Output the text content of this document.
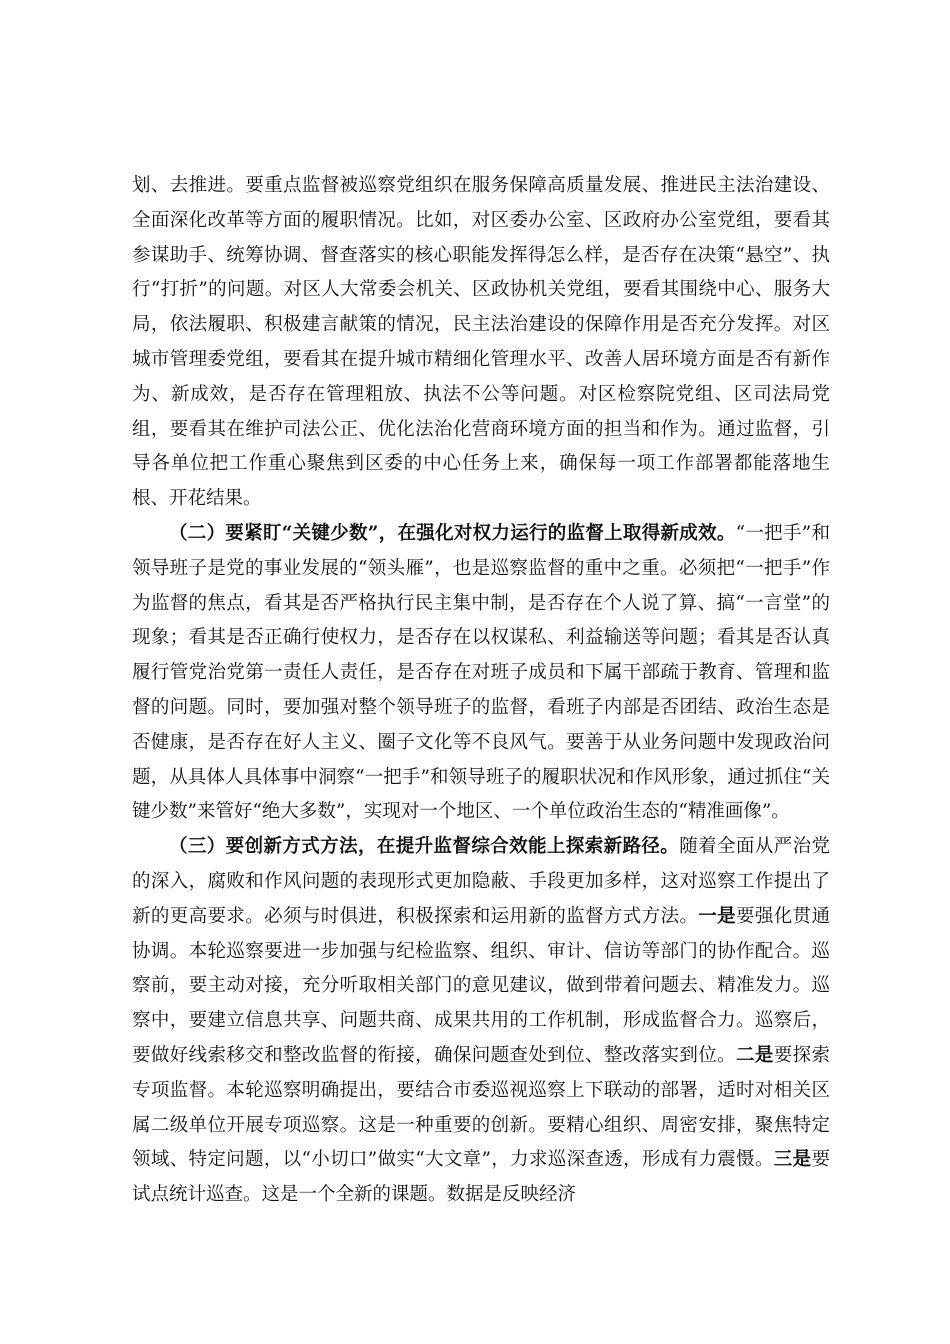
划、去推进。要重点监督被巡察党组织在服务保障高质量发展、推进民主法治建设、全面深化改革等方面的履职情况。比如，对区委办公室、区政府办公室党组，要看其参谋助手、统筹协调、督查落实的核心职能发挥得怎么样，是否存在决策“悬空”、执行“打折”的问题。对区人大常委会机关、区政协机关党组，要看其围绕中心、服务大局，依法履职、积极建言献策的情况，民主法治建设的保障作用是否充分发挥。对区城市管理委党组，要看其在提升城市精细化管理水平、改善人居环境方面是否有新作为、新成效，是否存在管理粗放、执法不公等问题。对区检察院党组、区司法局党组，要看其在维护司法公正、优化法治化营商环境方面的担当和作为。通过监督，引导各单位把工作重心聚焦到区委的中心任务上来，确保每一项工作部署都能落地生根、开花结果。

（二）要紧盯“关键少数”，在强化对权力运行的监督上取得新成效。“一把手”和领导班子是党的事业发展的“领头雁”，也是巡察监督的重中之重。必须把“一把手”作为监督的焦点，看其是否严格执行民主集中制，是否存在个人说了算、搞“一言堂”的现象；看其是否正确行使权力，是否存在以权谋私、利益输送等问题；看其是否认真履行管党治党第一责任人责任，是否存在对班子成员和下属干部疏于教育、管理和监督的问题。同时，要加强对整个领导班子的监督，看班子内部是否团结、政治生态是否健康，是否存在好人主义、圈子文化等不良风气。要善于从业务问题中发现政治问题，从具体人具体事中洞察“一把手”和领导班子的履职状况和作风形象，通过抓住“关键少数”来管好“绝大多数”，实现对一个地区、一个单位政治生态的“精准画像”。

（三）要创新方式方法，在提升监督综合效能上探索新路径。随着全面从严治党的深入，腐败和作风问题的表现形式更加隐蔽、手段更加多样，这对巡察工作提出了新的更高要求。必须与时俱进，积极探索和运用新的监督方式方法。一是要强化贯通协调。本轮巡察要进一步加强与纪检监察、组织、审计、信访等部门的协作配合。巡察前，要主动对接，充分听取相关部门的意见建议，做到带着问题去、精准发力。巡察中，要建立信息共享、问题共商、成果共用的工作机制，形成监督合力。巡察后，要做好线索移交和整改监督的衔接，确保问题查处到位、整改落实到位。二是要探索专项监督。本轮巡察明确提出，要结合市委巡视巡察上下联动的部署，适时对相关区属二级单位开展专项巡察。这是一种重要的创新。要精心组织、周密安排，聚焦特定领域、特定问题，以“小切口”做实“大文章”，力求巡深查透，形成有力震慑。三是要试点统计巡查。这是一个全新的课题。数据是反映经济
